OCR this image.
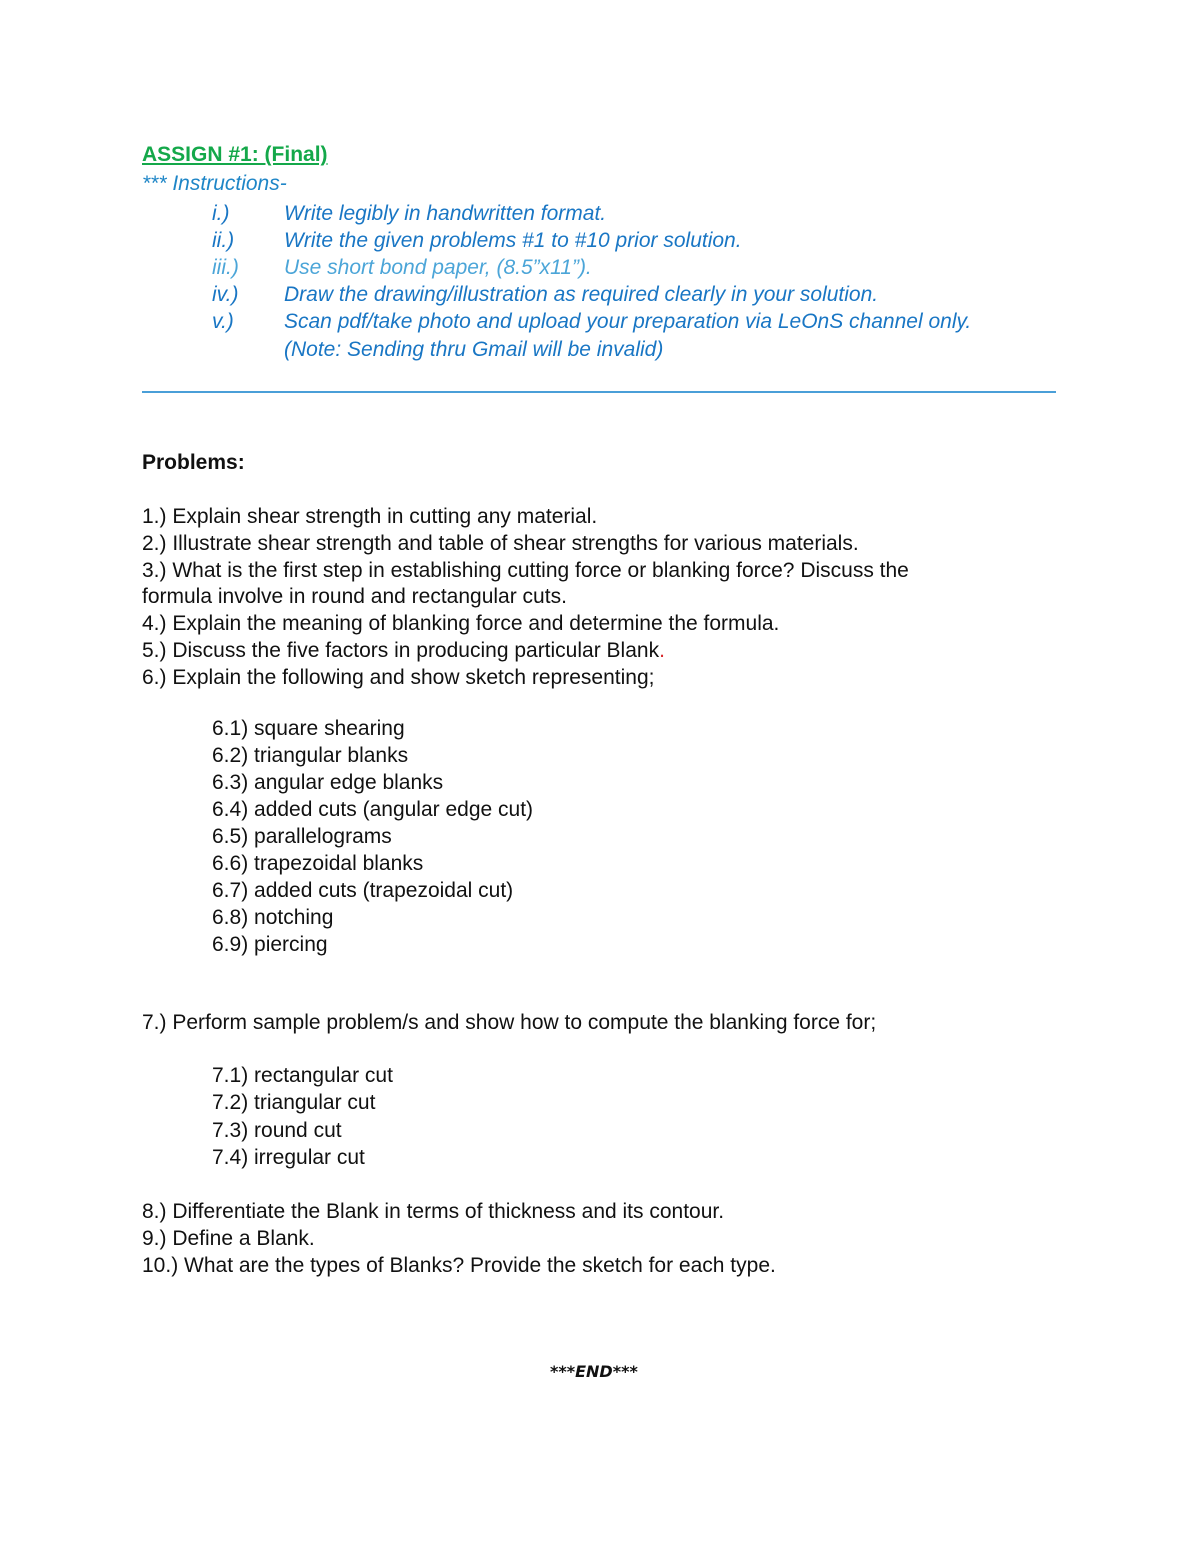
ASSIGN #1: (Final)
*** Instructions-
i.)	Write legibly in handwritten format.
ii.) Write the given problems #1 to #10 prior solution.
iii.) Use short bond paper, (8.5”x11”).
iv.) Draw the drawing/illustration as required clearly in your solution.
v.) Scan pdf/take photo and upload your preparation via LeOnS channel only.
(Note: Sending thru Gmail will be invalid)
Problems:
1.) Explain shear strength in cutting any material.
2.) Illustrate shear strength and table of shear strengths for various materials.
3.) What is the first step in establishing cutting force or blanking force? Discuss the
formula involve in round and rectangular cuts.
4.) Explain the meaning of blanking force and determine the formula.
5.) Discuss the five factors in producing particular Blank.
6.) Explain the following and show sketch representing;
6.1) square shearing
6.2) triangular blanks
6.3) angular edge blanks
6.4) added cuts (angular edge cut)
6.5) parallelograms
6.6) trapezoidal blanks
6.7) added cuts (trapezoidal cut)
6.8) notching
6.9) piercing
7.) Perform sample problem/s and show how to compute the blanking force for;
7.1) rectangular cut
7.2) triangular cut
7.3) round cut
7.4) irregular cut
8.) Differentiate the Blank in terms of thickness and its contour.
9.) Define a Blank.
10.) What are the types of Blanks? Provide the sketch for each type.
***END***
